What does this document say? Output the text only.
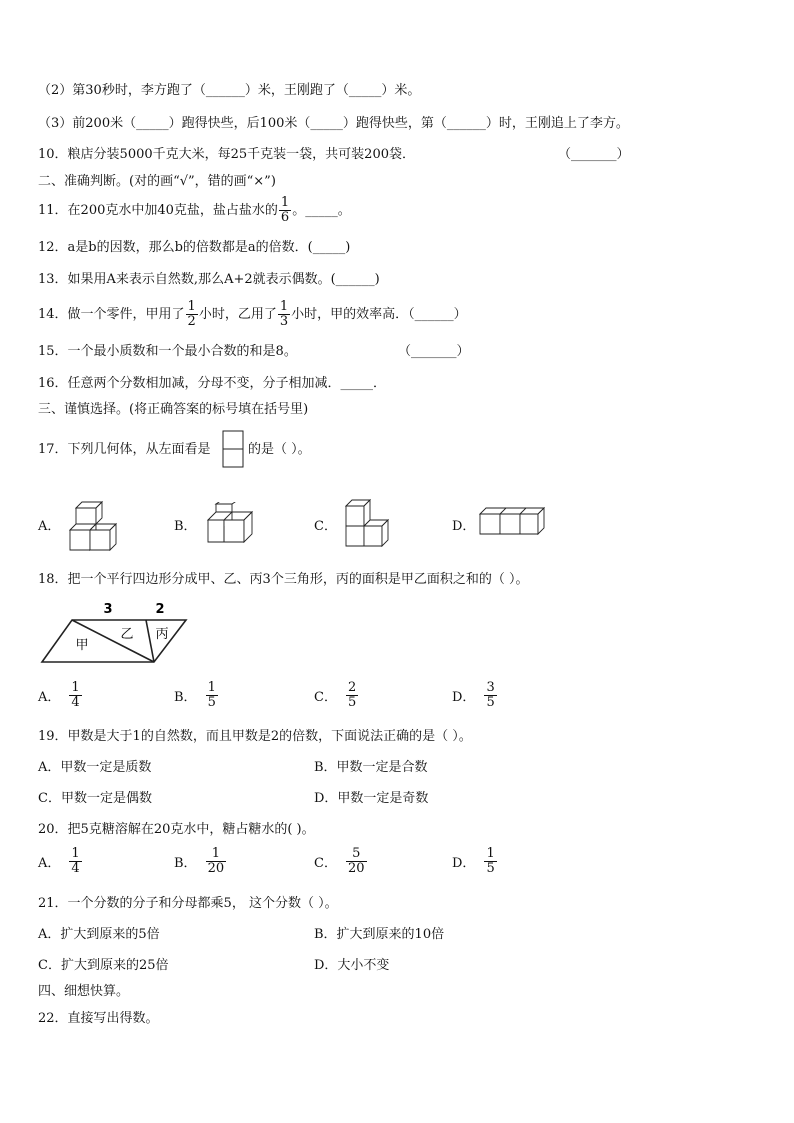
（2）第30秒时，李方跑了（______）米，王刚跑了（_____）米。
（3）前200米（_____）跑得快些，后100米（_____）跑得快些，第（______）时，王刚追上了李方。
10．粮店分装5000千克大米，每25千克装一袋，共可装200袋．	（_______）
二、准确判断。(对的画“√”，错的画“×”)
11．在200克水中加40克盐，盐占盐水的 $\frac{1}{6}$ 。_____。
12．a是b的因数，那么b的倍数都是a的倍数．(_____)
13．如果用A来表示自然数,那么A+2就表示偶数。(______)
14．做一个零件，甲用了 $\frac{1}{2}$ 小时，乙用了 $\frac{1}{3}$ 小时，甲的效率高．（______）
15．一个最小质数和一个最小合数的和是8。	（_______）
16．任意两个分数相加减，分母不变，分子相加减．_____．
三、谨慎选择。(将正确答案的标号填在括号里)
17．下列几何体，从左面看是	的是（ ）。
A．	B．	C．	D．
18．把一个平行四边形分成甲、乙、丙3个三角形，丙的面积是甲乙面积之和的（ ）。
3	2
甲
乙 丙
A． $\frac{1}{4}$	B． $\frac{1}{5}$	C． $\frac{2}{5}$	D． $\frac{3}{5}$
19．甲数是大于1的自然数，而且甲数是2的倍数，下面说法正确的是（ ）。
A．甲数一定是质数	B．甲数一定是合数
C．甲数一定是偶数	D．甲数一定是奇数
20．把5克糖溶解在20克水中，糖占糖水的( )。
A． $\frac{1}{4}$	B． $\frac{1}{20}$	C． $\frac{5}{20}$	D． $\frac{1}{5}$
21．一个分数的分子和分母都乘5， 这个分数（ ）。
A．扩大到原来的5倍	B．扩大到原来的10倍
C．扩大到原来的25倍	D．大小不变
四、细想快算。
22．直接写出得数。
